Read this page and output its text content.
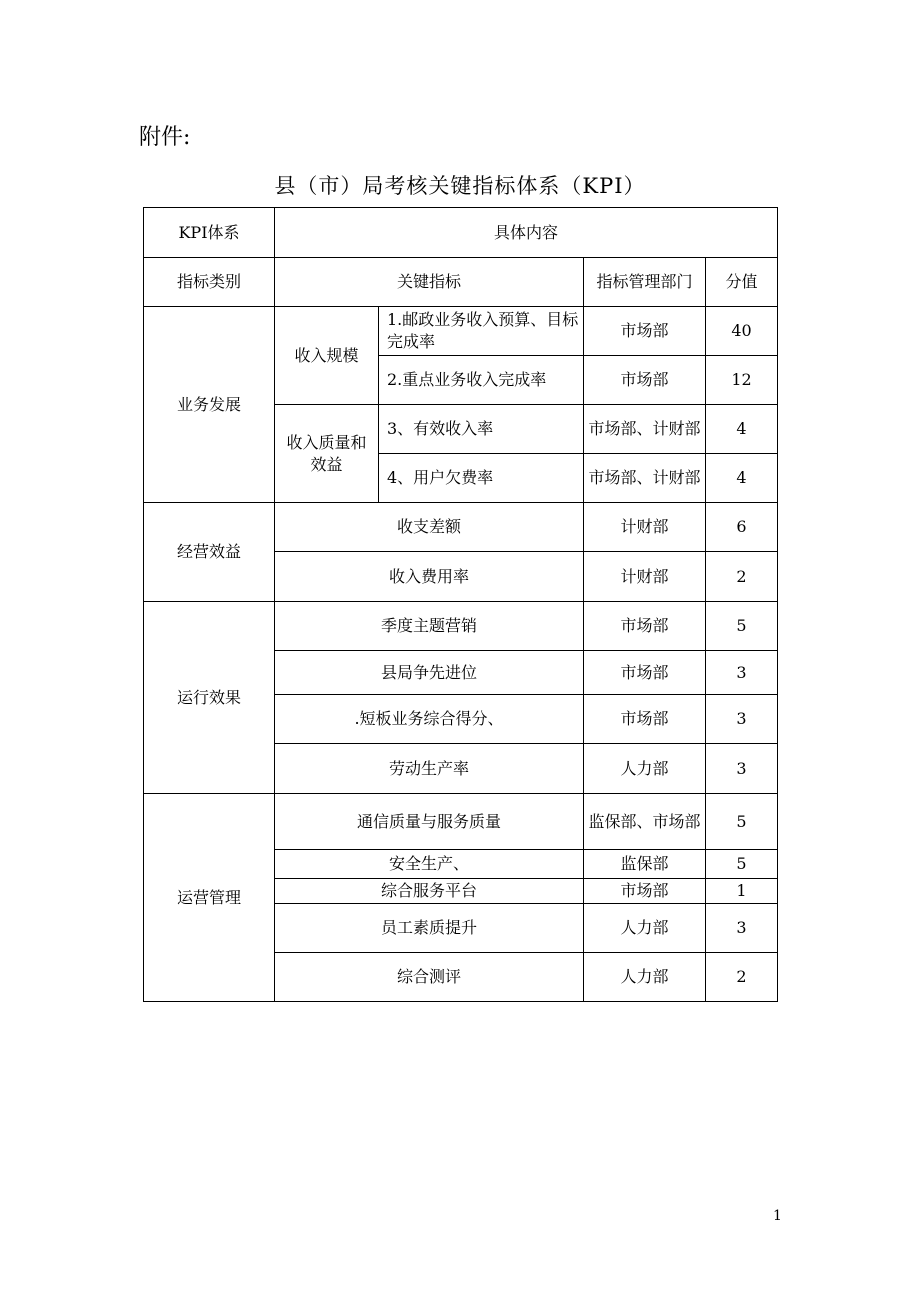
附件:
县（市）局考核关键指标体系（KPI）
KPI体系	具体内容			
指标类别	关键指标		指标管理部门	分值
业务发展	收入规模	1.邮政业务收入预算、目标完成率	市场部	40
		2.重点业务收入完成率	市场部	12
	收入质量和效益	3、有效收入率	市场部、计财部	4
		4、用户欠费率	市场部、计财部	4
经营效益	收支差额		计财部	6
	收入费用率		计财部	2
运行效果	季度主题营销		市场部	5
	县局争先进位		市场部	3
	.短板业务综合得分、		市场部	3
	劳动生产率		人力部	3
运营管理	通信质量与服务质量		监保部、市场部	5
	安全生产、		监保部	5
	综合服务平台		市场部	1
	员工素质提升		人力部	3
	综合测评		人力部	2
1
